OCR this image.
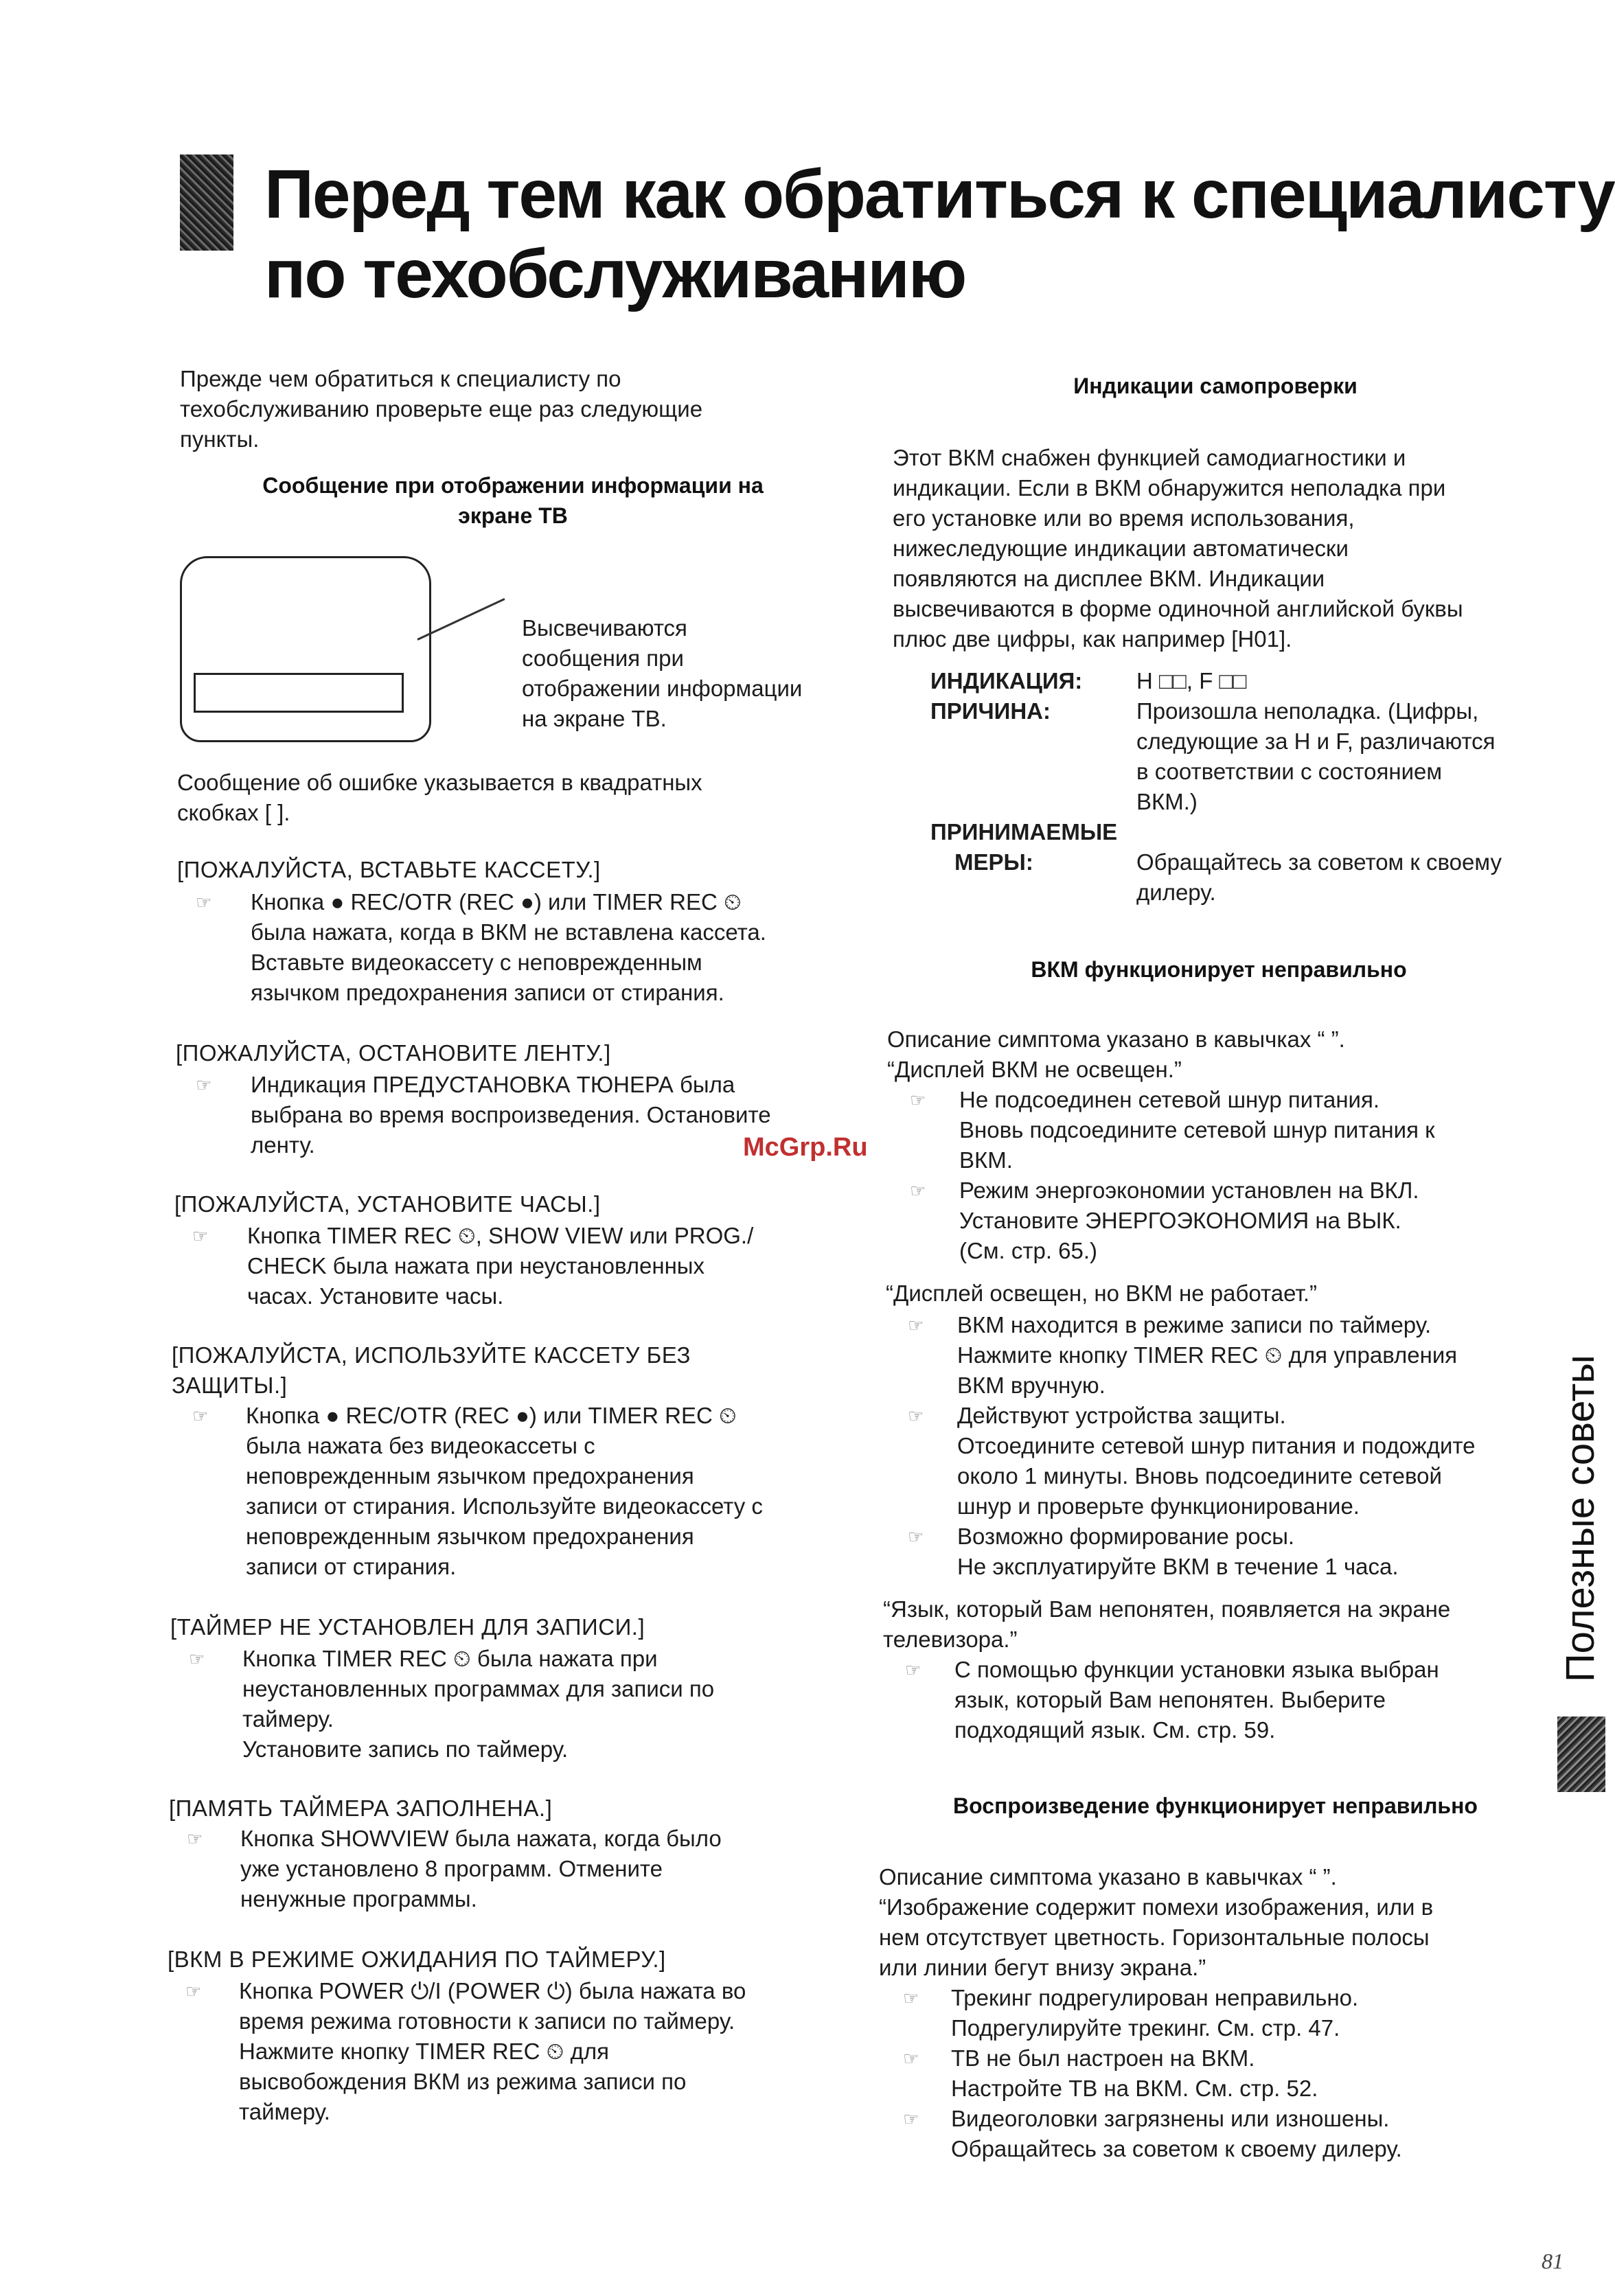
Перед тем как обратиться к специалисту
по техобслуживанию
Прежде чем обратиться к специалисту по
техобслуживанию проверьте еще раз следующие
пункты.
Сообщение при отображении информации на
экране ТВ
Высвечиваются
сообщения при
отображении информации
на экране ТВ.
Сообщение об ошибке указывается в квадратных
скобках [ ].
[ПОЖАЛУЙСТА, ВСТАВЬТЕ КАССЕТУ.]
☞	Кнопка ● REC/OTR (REC ●) или TIMER REC ⏲
была нажата, когда в ВКМ не вставлена кассета.
Вставьте видеокассету с неповрежденным
язычком предохранения записи от стирания.
[ПОЖАЛУЙСТА, ОСТАНОВИТЕ ЛЕНТУ.]
☞	Индикация ПРЕДУСТАНОВКА ТЮНЕРА была
выбрана во время воспроизведения. Остановите
ленту.
[ПОЖАЛУЙСТА, УСТАНОВИТЕ ЧАСЫ.]
☞	Кнопка TIMER REC ⏲, SHOW VIEW или PROG./
CHECK была нажата при неустановленных
часах. Установите часы.
[ПОЖАЛУЙСТА, ИСПОЛЬЗУЙТЕ КАССЕТУ БЕЗ
ЗАЩИТЫ.]
☞	Кнопка ● REC/OTR (REC ●) или TIMER REC ⏲
была нажата без видеокассеты с
неповрежденным язычком предохранения
записи от стирания. Используйте видеокассету с
неповрежденным язычком предохранения
записи от стирания.
[ТАЙМЕР НЕ УСТАНОВЛЕН ДЛЯ ЗАПИСИ.]
☞	Кнопка TIMER REC ⏲ была нажата при
неустановленных программах для записи по
таймеру.
Установите запись по таймеру.
[ПАМЯТЬ ТАЙМЕРА ЗАПОЛНЕНА.]
☞	Кнопка SHOWVIEW была нажата, когда было
уже установлено 8 программ. Отмените
ненужные программы.
[ВКМ В РЕЖИМЕ ОЖИДАНИЯ ПО ТАЙМЕРУ.]
☞	Кнопка POWER ⏻/I (POWER ⏻) была нажата во
время режима готовности к записи по таймеру.
Нажмите кнопку TIMER REC ⏲ для
высвобождения ВКМ из режима записи по
таймеру.
Индикации самопроверки
Этот ВКМ снабжен функцией самодиагностики и
индикации. Если в ВКМ обнаружится неполадка при
его установке или во время использования,
нижеследующие индикации автоматически
появляются на дисплее ВКМ. Индикации
высвечиваются в форме одиночной английской буквы
плюс две цифры, как например [H01].
ИНДИКАЦИЯ: H □□, F □□
ПРИЧИНА:	Произошла неполадка. (Цифры,
следующие за H и F, различаются
в соответствии с состоянием
ВКМ.)
ПРИНИМАЕМЫЕ
МЕРЫ:	Обращайтесь за советом к своему
дилеру.
ВКМ функционирует неправильно
Описание симптома указано в кавычках “ ”.
“Дисплей ВКМ не освещен.”
☞	Не подсоединен сетевой шнур питания.
Вновь подсоедините сетевой шнур питания к
ВКМ.
☞	Режим энергоэкономии установлен на ВКЛ.
Установите ЭНЕРГОЭКОНОМИЯ на ВЫК.
(См. стр. 65.)
“Дисплей освещен, но ВКМ не работает.”
☞	ВКМ находится в режиме записи по таймеру.
Нажмите кнопку TIMER REC ⏲ для управления
ВКМ вручную.
☞	Действуют устройства защиты.
Отсоедините сетевой шнур питания и подождите
около 1 минуты. Вновь подсоедините сетевой
шнур и проверьте функционирование.
☞	Возможно формирование росы.
Не эксплуатируйте ВКМ в течение 1 часа.
“Язык, который Вам непонятен, появляется на экране
телевизора.”
☞	С помощью функции установки языка выбран
язык, который Вам непонятен. Выберите
подходящий язык. См. стр. 59.
Воспроизведение функционирует неправильно
Описание симптома указано в кавычках “ ”.
“Изображение содержит помехи изображения, или в
нем отсутствует цветность. Горизонтальные полосы
или линии бегут внизу экрана.”
☞	Трекинг подрегулирован неправильно.
Подрегулируйте трекинг. См. стр. 47.
☞	ТВ не был настроен на ВКМ.
Настройте ТВ на ВКМ. См. стр. 52.
☞	Видеоголовки загрязнены или изношены.
Обращайтесь за советом к своему дилеру.
Полезные советы
McGrp.Ru
81
